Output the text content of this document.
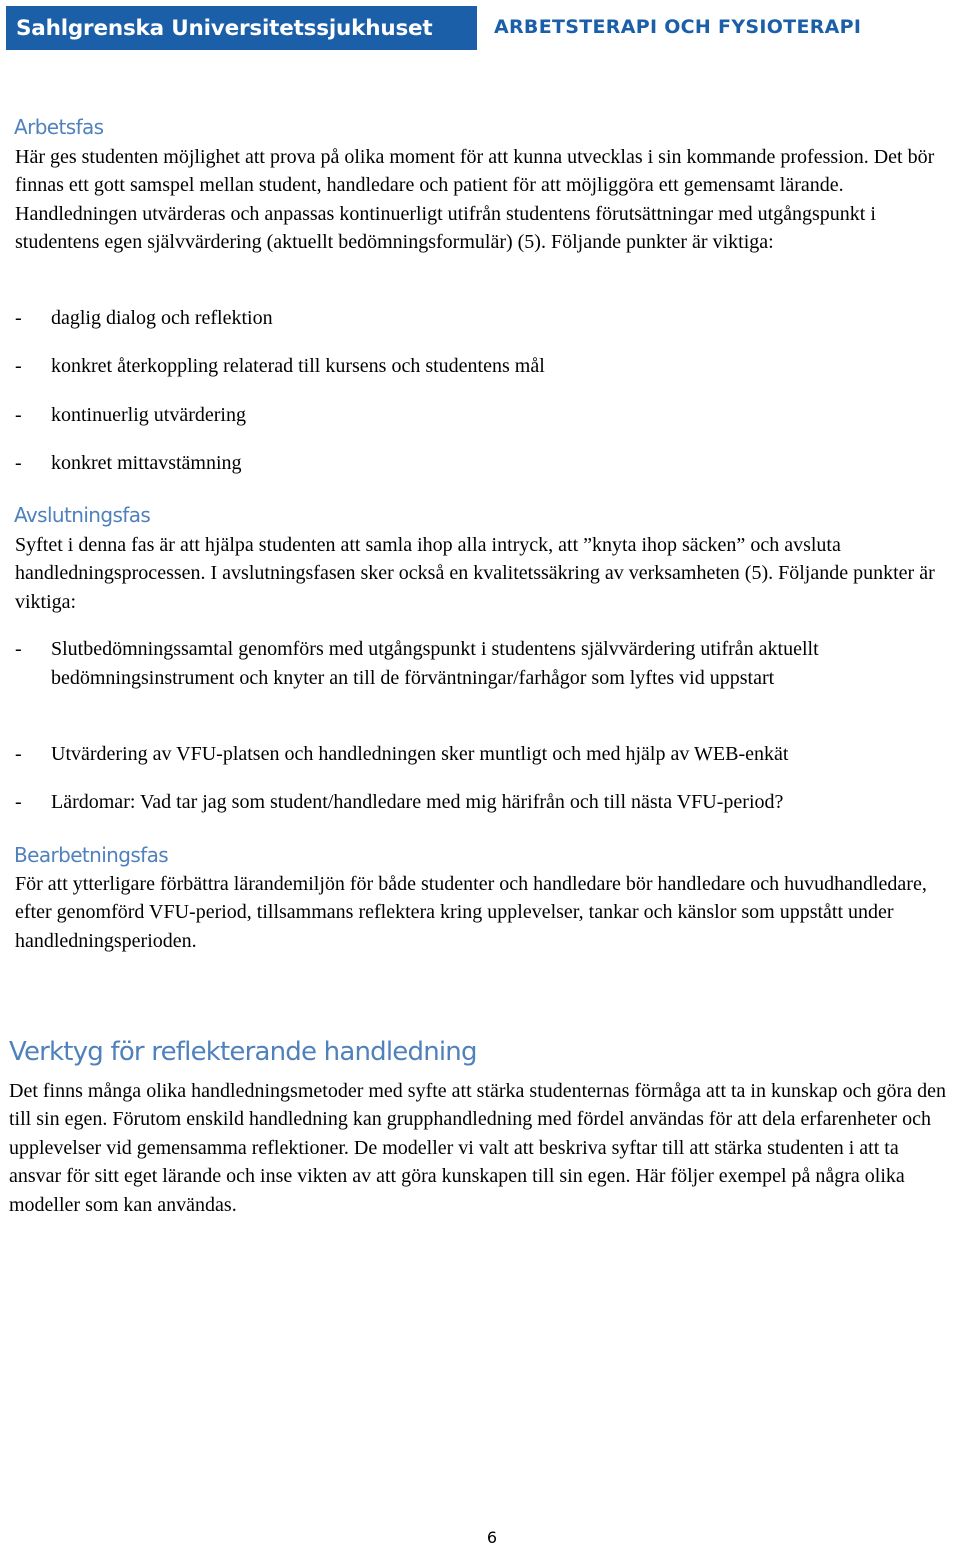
Sahlgrenska Universitetssjukhuset	ARBETSTERAPI OCH FYSIOTERAPI
Arbetsfas

Här ges studenten möjlighet att prova på olika moment för att kunna utvecklas i sin kommande profession. Det bör finnas ett gott samspel mellan student, handledare och patient för att möjliggöra ett gemensamt lärande. Handledningen utvärderas och anpassas kontinuerligt utifrån studentens förutsättningar med utgångspunkt i studentens egen självvärdering (aktuellt bedömningsformulär) (5). Följande punkter är viktiga:

-	daglig dialog och reflektion
-	konkret återkoppling relaterad till kursens och studentens mål
-	kontinuerlig utvärdering
-	konkret mittavstämning
Avslutningsfas

Syftet i denna fas är att hjälpa studenten att samla ihop alla intryck, att ”knyta ihop säcken” och avsluta handledningsprocessen. I avslutningsfasen sker också en kvalitetssäkring av verksamheten (5). Följande punkter är viktiga:

-	Slutbedömningssamtal genomförs med utgångspunkt i studentens självvärdering utifrån aktuellt bedömningsinstrument och knyter an till de förväntningar/farhågor som lyftes vid uppstart
-	Utvärdering av VFU-platsen och handledningen sker muntligt och med hjälp av WEB-enkät
-	Lärdomar: Vad tar jag som student/handledare med mig härifrån och till nästa VFU-period?
Bearbetningsfas

För att ytterligare förbättra lärandemiljön för både studenter och handledare bör handledare och huvudhandledare, efter genomförd VFU-period, tillsammans reflektera kring upplevelser, tankar och känslor som uppstått under handledningsperioden.

Verktyg för reflekterande handledning

Det finns många olika handledningsmetoder med syfte att stärka studenternas förmåga att ta in kunskap och göra den till sin egen. Förutom enskild handledning kan grupphandledning med fördel användas för att dela erfarenheter och upplevelser vid gemensamma reflektioner. De modeller vi valt att beskriva syftar till att stärka studenten i att ta ansvar för sitt eget lärande och inse vikten av att göra kunskapen till sin egen. Här följer exempel på några olika modeller som kan användas.

6
